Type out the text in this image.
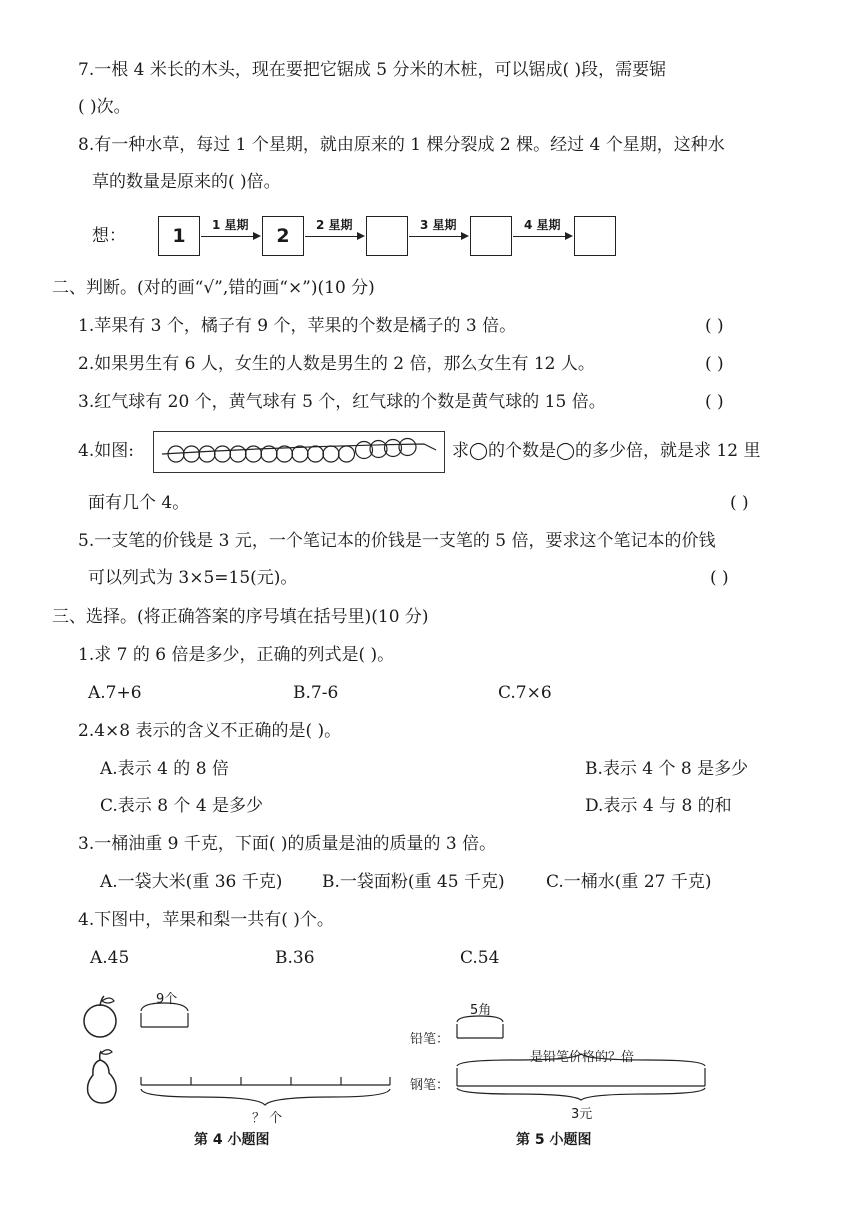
7.一根 4 米长的木头，现在要把它锯成 5 分米的木桩，可以锯成( )段，需要锯
( )次。
8.有一种水草，每过 1 个星期，就由原来的 1 棵分裂成 2 棵。经过 4 个星期，这种水
草的数量是原来的( )倍。
想：	1	2
1 星期	2 星期	3 星期	4 星期
二、判断。(对的画“√”,错的画“×”)(10 分)
1.苹果有 3 个，橘子有 9 个，苹果的个数是橘子的 3 倍。	( )
2.如果男生有 6 人，女生的人数是男生的 2 倍，那么女生有 12 人。	( )
3.红气球有 20 个，黄气球有 5 个，红气球的个数是黄气球的 15 倍。	( )
4.如图:	求◯的个数是◯的多少倍，就是求 12 里
面有几个 4。	( )
5.一支笔的价钱是 3 元，一个笔记本的价钱是一支笔的 5 倍，要求这个笔记本的价钱
可以列式为 3×5=15(元)。	( )
三、选择。(将正确答案的序号填在括号里)(10 分)
1.求 7 的 6 倍是多少，正确的列式是( )。
A.7+6	B.7-6	C.7×6
2.4×8 表示的含义不正确的是( )。
A.表示 4 的 8 倍	B.表示 4 个 8 是多少
C.表示 8 个 4 是多少	D.表示 4 与 8 的和
3.一桶油重 9 千克，下面( )的质量是油的质量的 3 倍。
A.一袋大米(重 36 千克) B.一袋面粉(重 45 千克) C.一桶水(重 27 千克)
4.下图中，苹果和梨一共有( )个。
A.45	B.36	C.54
9个
？ 个
第 4 小题图
5角
铅笔：
是铅笔价格的？倍
钢笔：
3元
第 5 小题图
